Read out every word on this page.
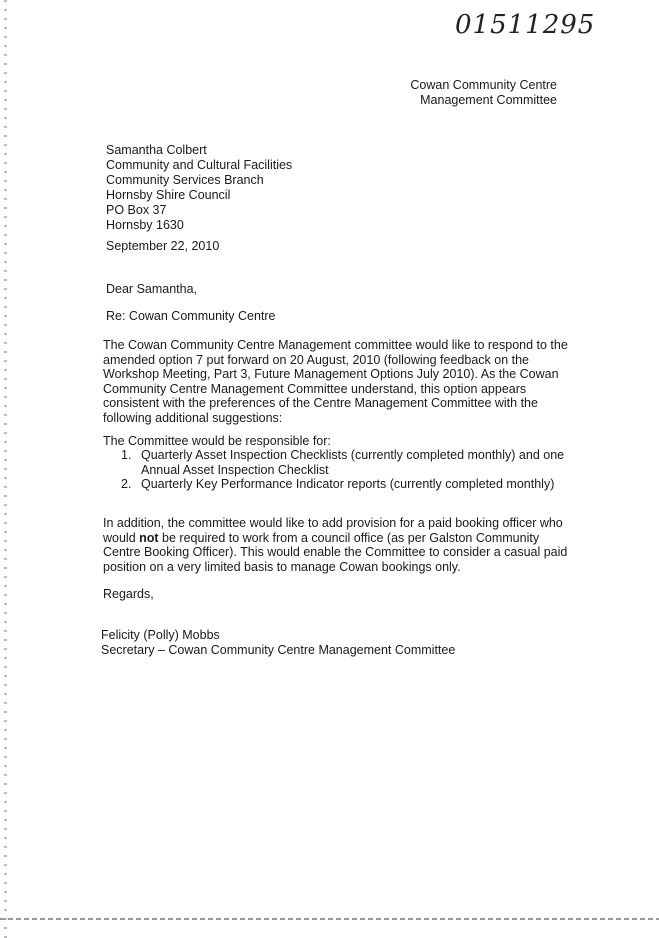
01511295
Cowan Community Centre
Management Committee
Samantha Colbert
Community and Cultural Facilities
Community Services Branch
Hornsby Shire Council
PO Box 37
Hornsby 1630
September 22, 2010
Dear Samantha,
Re: Cowan Community Centre
The Cowan Community Centre Management committee would like to respond to the
amended option 7 put forward on 20 August, 2010 (following feedback on the
Workshop Meeting, Part 3, Future Management Options July 2010). As the Cowan
Community Centre Management Committee understand, this option appears
consistent with the preferences of the Centre Management Committee with the
following additional suggestions:
The Committee would be responsible for:
1. Quarterly Asset Inspection Checklists (currently completed monthly) and one
Annual Asset Inspection Checklist
2. Quarterly Key Performance Indicator reports (currently completed monthly)
In addition, the committee would like to add provision for a paid booking officer who
would not be required to work from a council office (as per Galston Community
Centre Booking Officer). This would enable the Committee to consider a casual paid
position on a very limited basis to manage Cowan bookings only.
Regards,
Felicity (Polly) Mobbs
Secretary – Cowan Community Centre Management Committee
